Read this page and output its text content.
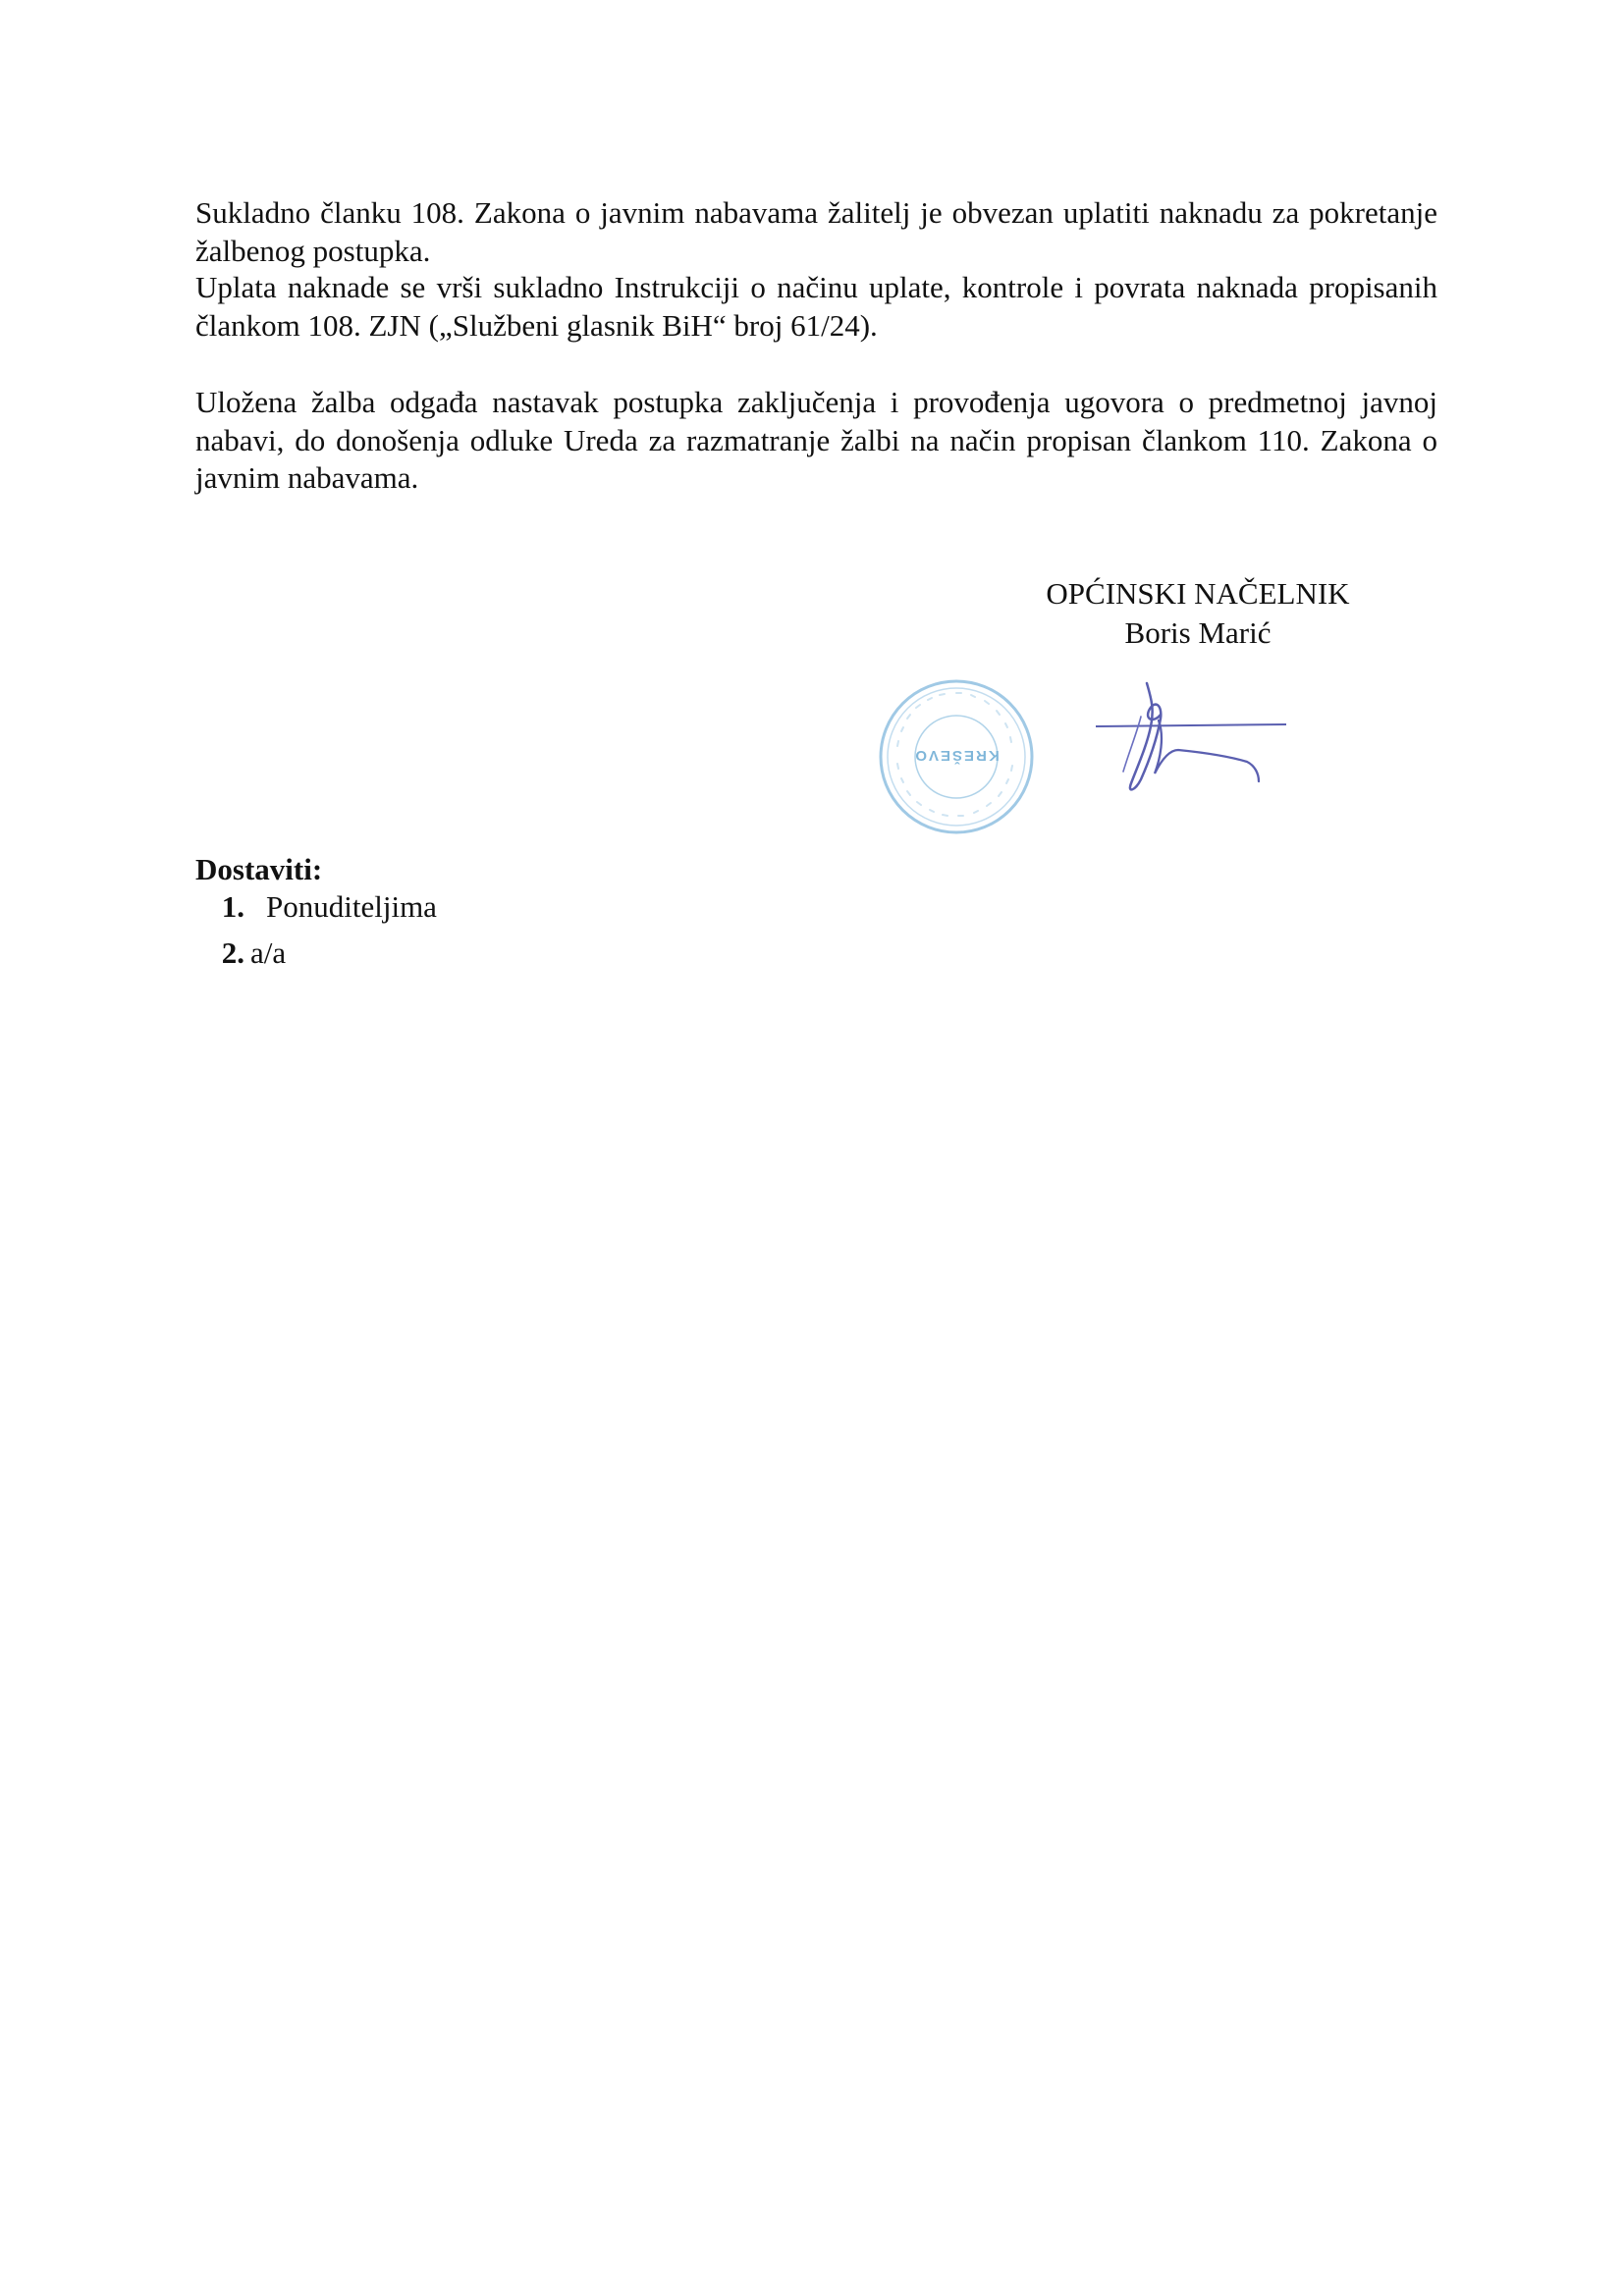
Sukladno članku 108. Zakona o javnim nabavama žalitelj je obvezan uplatiti naknadu za pokretanje žalbenog postupka.

Uplata naknade se vrši sukladno Instrukciji o načinu uplate, kontrole i povrata naknada propisanih člankom 108. ZJN („Službeni glasnik BiH“ broj 61/24).

Uložena žalba odgađa nastavak postupka zaključenja i provođenja ugovora o predmetnoj javnoj nabavi, do donošenja odluke Ureda za razmatranje žalbi na način propisan člankom 110. Zakona o javnim nabavama.

OPĆINSKI NAČELNIK
Boris Marić
KREŠEVO
Dostaviti:
1. Ponuditeljima
2. a/a
